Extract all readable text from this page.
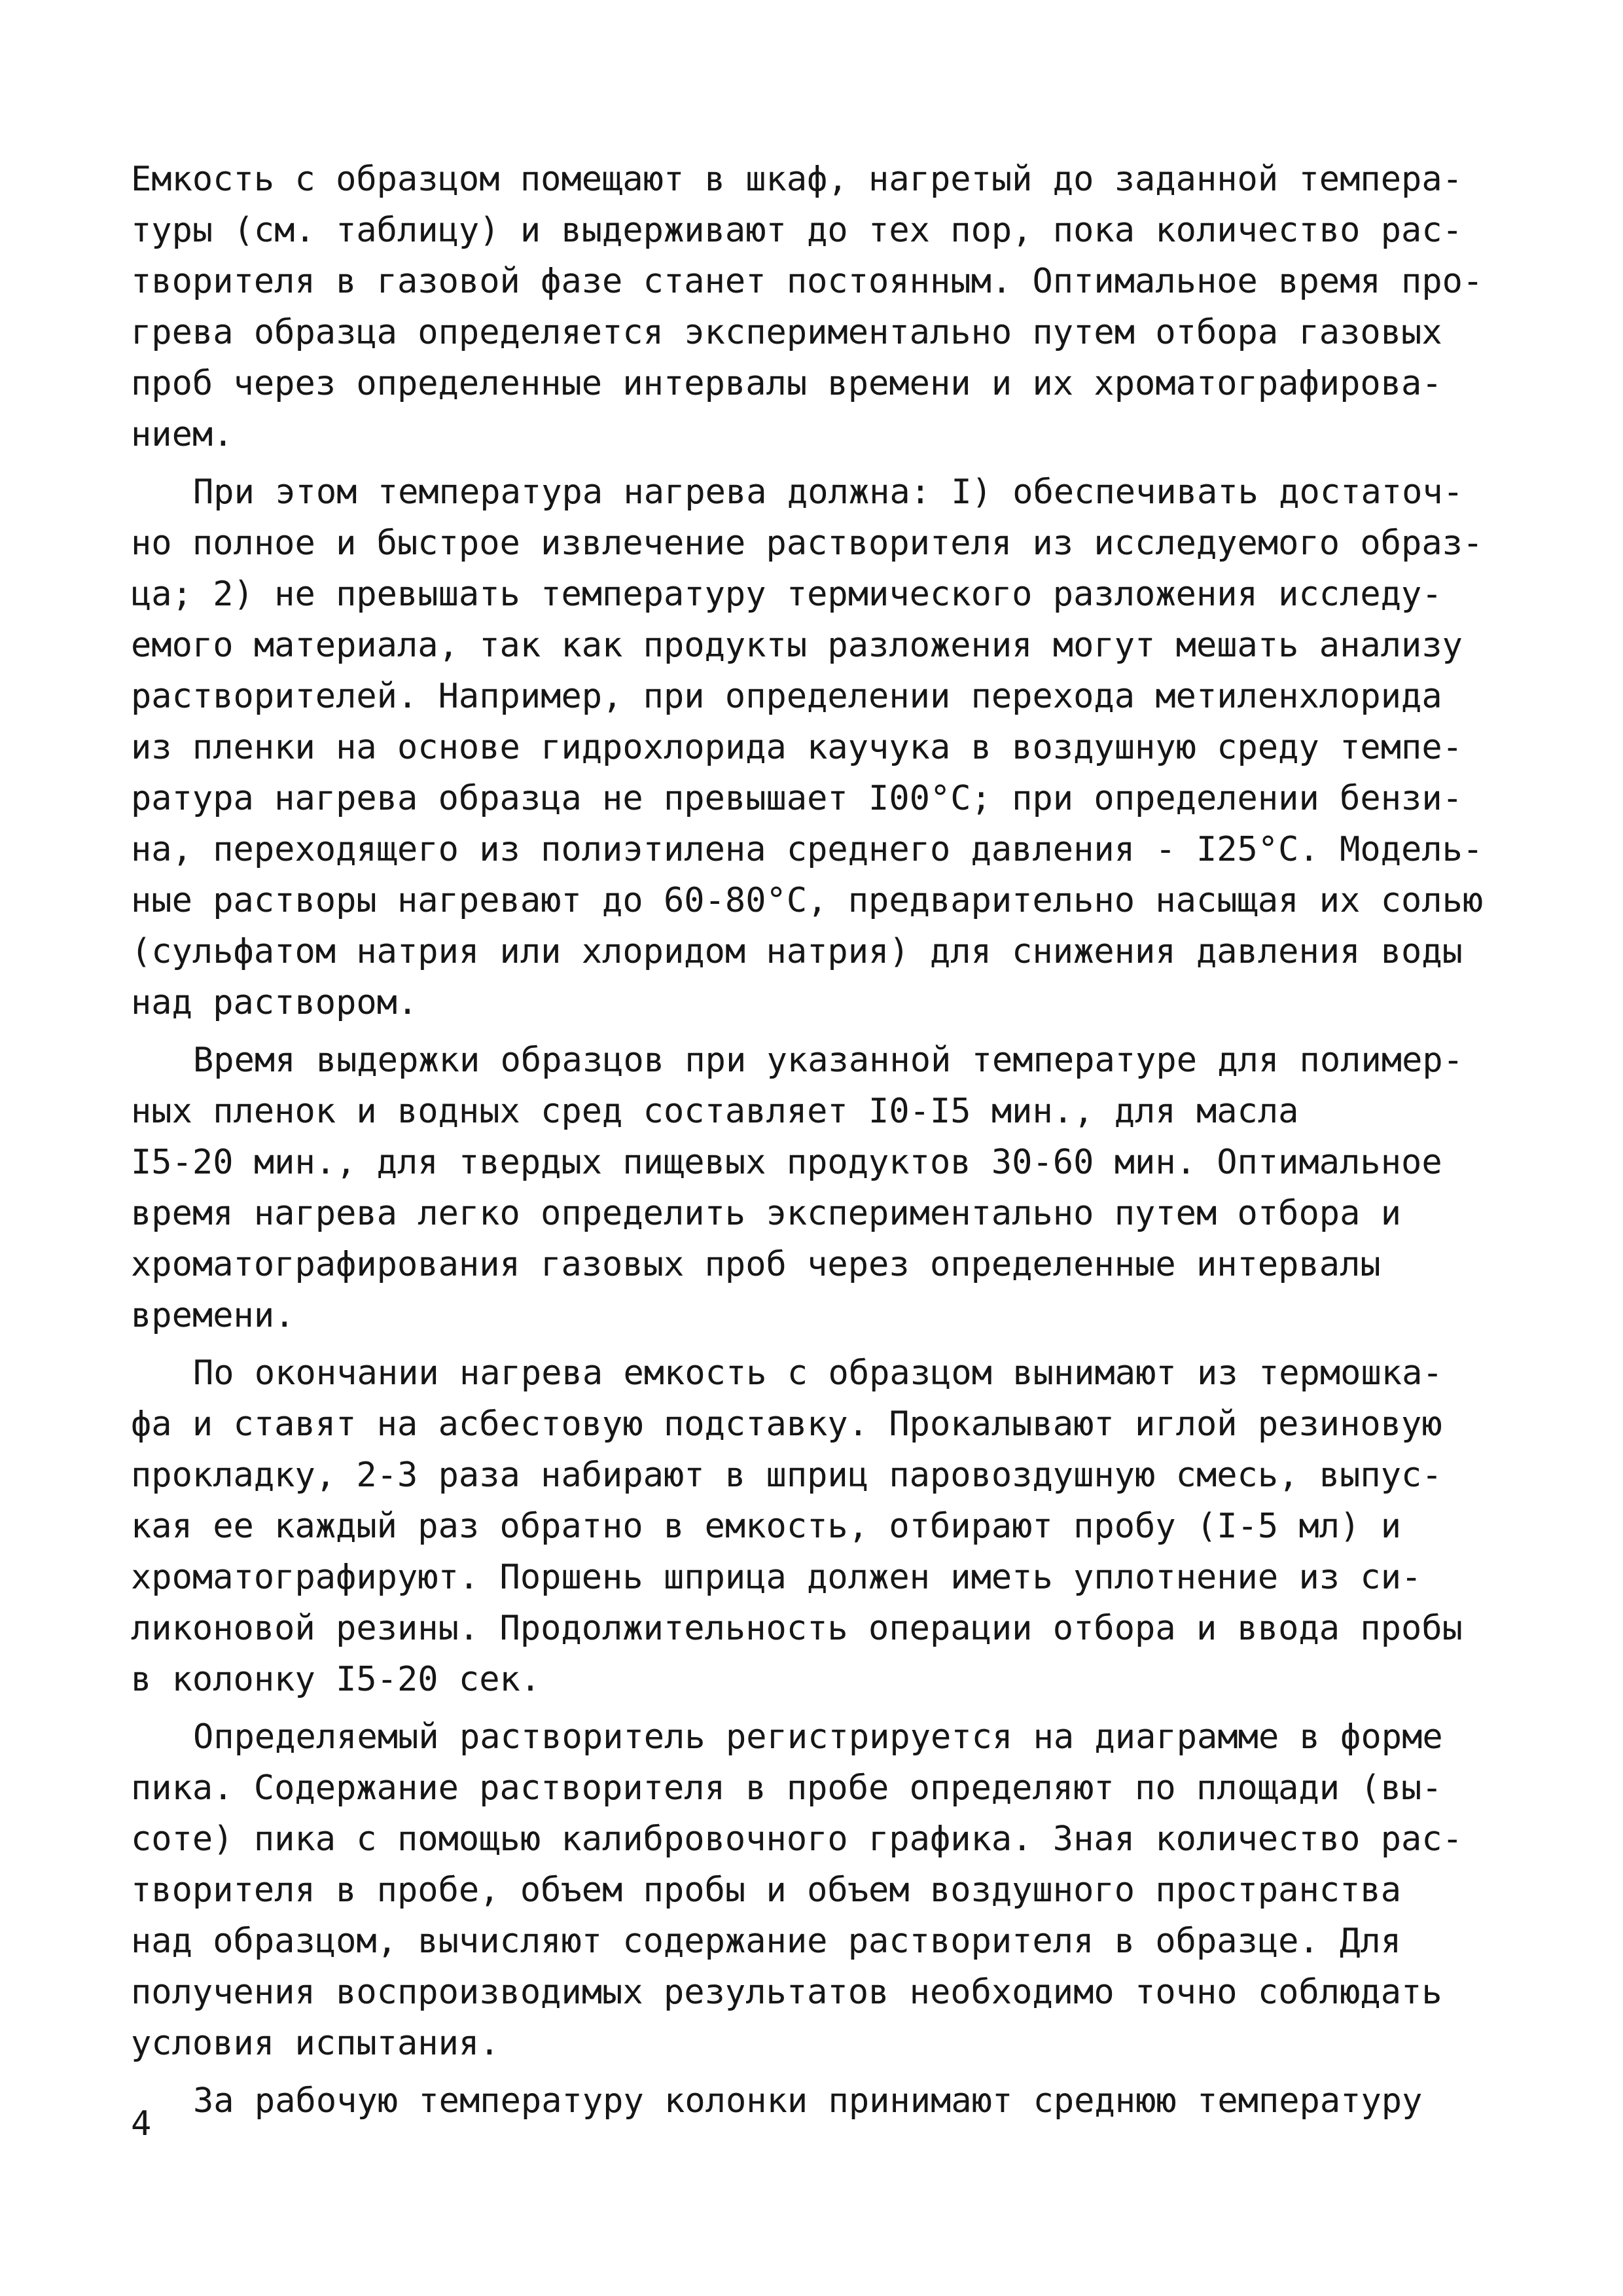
Емкость с образцом помещают в шкаф, нагретый до заданной темпера-
туры (см. таблицу) и выдерживают до тех пор, пока количество рас-
творителя в газовой фазе станет постоянным. Оптимальное время про-
грева образца определяется экспериментально путем отбора газовых
проб через определенные интервалы времени и их хроматографирова-
нием.
При этом температура нагрева должна: I) обеспечивать достаточ-
но полное и быстрое извлечение растворителя из исследуемого образ-
ца; 2) не превышать температуру термического разложения исследу-
емого материала, так как продукты разложения могут мешать анализу
растворителей. Например, при определении перехода метиленхлорида
из пленки на основе гидрохлорида каучука в воздушную среду темпе-
ратура нагрева образца не превышает I00°С; при определении бензи-
на, переходящего из полиэтилена среднего давления - I25°С. Модель-
ные растворы нагревают до 60-80°С, предварительно насыщая их солью
(сульфатом натрия или хлоридом натрия) для снижения давления воды
над раствором.
Время выдержки образцов при указанной температуре для полимер-
ных пленок и водных сред составляет I0-I5 мин., для масла
I5-20 мин., для твердых пищевых продуктов 30-60 мин. Оптимальное
время нагрева легко определить экспериментально путем отбора и
хроматографирования газовых проб через определенные интервалы
времени.
По окончании нагрева емкость с образцом вынимают из термошка-
фа и ставят на асбестовую подставку. Прокалывают иглой резиновую
прокладку, 2-3 раза набирают в шприц паровоздушную смесь, выпус-
кая ее каждый раз обратно в емкость, отбирают пробу (I-5 мл) и
хроматографируют. Поршень шприца должен иметь уплотнение из си-
ликоновой резины. Продолжительность операции отбора и ввода пробы
в колонку I5-20 сек.
Определяемый растворитель регистрируется на диаграмме в форме
пика. Содержание растворителя в пробе определяют по площади (вы-
соте) пика с помощью калибровочного графика. Зная количество рас-
творителя в пробе, объем пробы и объем воздушного пространства
над образцом, вычисляют содержание растворителя в образце. Для
получения воспроизводимых результатов необходимо точно соблюдать
условия испытания.
За рабочую температуру колонки принимают среднюю температуру
4
